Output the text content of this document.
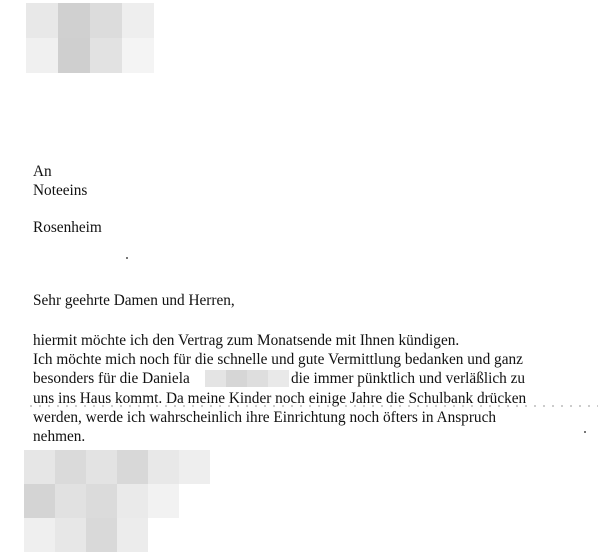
An
Noteeins
Rosenheim
Sehr geehrte Damen und Herren,
hiermit möchte ich den Vertrag zum Monatsende mit Ihnen kündigen.
Ich möchte mich noch für die schnelle und gute Vermittlung bedanken und ganz
besonders für die Daniela	die immer pünktlich und verläßlich zu
uns ins Haus kommt. Da meine Kinder noch einige Jahre die Schulbank drücken
werden, werde ich wahrscheinlich ihre Einrichtung noch öfters in Anspruch
nehmen.
